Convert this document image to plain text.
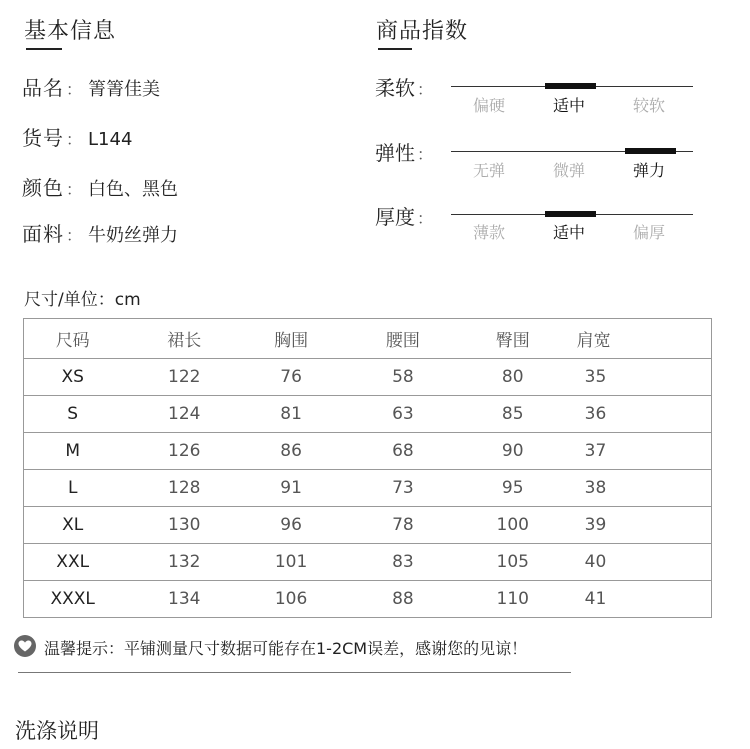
基本信息
品名 ： 箐箐佳美
货号 ： L144
颜色 ： 白色、黑色
面料 ： 牛奶丝弹力
商品指数
柔软 ：
偏硬	适中	较软
弹性 ：
无弹	微弹	弹力
厚度 ：
薄款	适中	偏厚
尺寸/单位：cm
尺码	裙长	胸围	腰围	臀围	肩宽
XS	122	76	58	80	35
S	124	81	63	85	36
M	126	86	68	90	37
L	128	91	73	95	38
XL	130	96	78	100	39
XXL	132	101	83	105	40
XXXL	134	106	88	110	41
温馨提示：平铺测量尺寸数据可能存在1-2CM误差，感谢您的见谅！
洗涤说明
